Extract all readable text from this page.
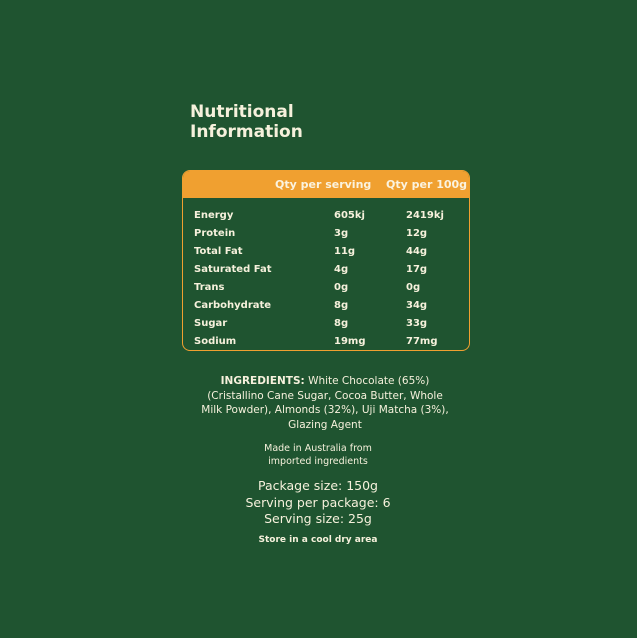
Nutritional
Information
Qty per serving Qty per 100g
Energy	605kj	2419kj
Protein	3g	12g
Total Fat	11g	44g
Saturated Fat	4g	17g
Trans	0g	0g
Carbohydrate	8g	34g
Sugar	8g	33g
Sodium	19mg	77mg
INGREDIENTS: White Chocolate (65%) (Cristallino Cane Sugar, Cocoa Butter, Whole Milk Powder), Almonds (32%), Uji Matcha (3%), Glazing Agent
Made in Australia from
imported ingredients
Package size: 150g
Serving per package: 6
Serving size: 25g
Store in a cool dry area
